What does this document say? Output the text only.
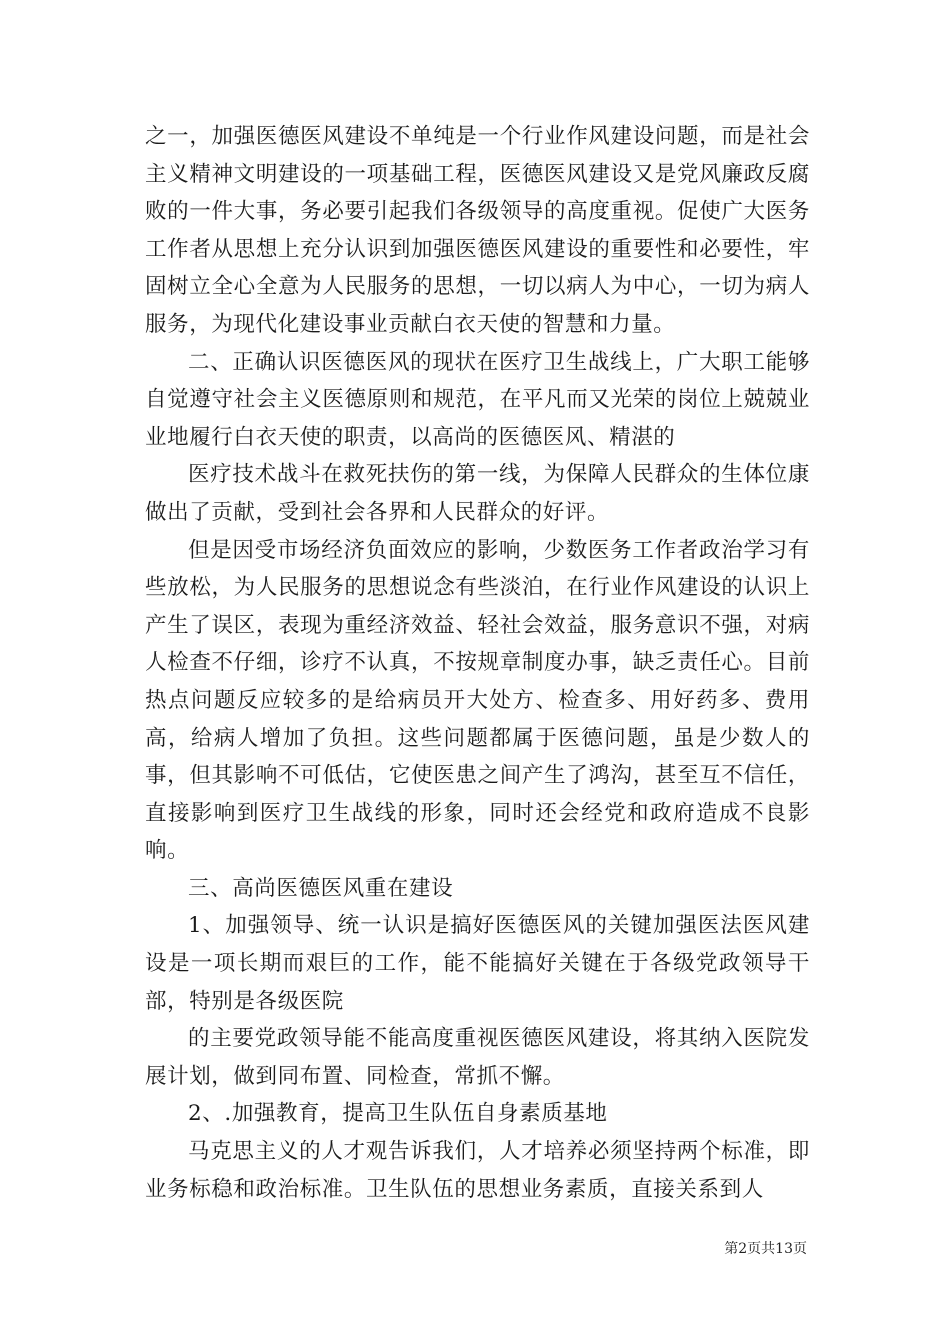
之一，加强医德医风建设不单纯是一个行业作风建设问题，而是社会主义精神文明建设的一项基础工程，医德医风建设又是党风廉政反腐败的一件大事，务必要引起我们各级领导的高度重视。促使广大医务工作者从思想上充分认识到加强医德医风建设的重要性和必要性，牢固树立全心全意为人民服务的思想，一切以病人为中心，一切为病人服务，为现代化建设事业贡献白衣天使的智慧和力量。

二、正确认识医德医风的现状在医疗卫生战线上，广大职工能够自觉遵守社会主义医德原则和规范，在平凡而又光荣的岗位上兢兢业业地履行白衣天使的职责，以高尚的医德医风、精湛的

医疗技术战斗在救死扶伤的第一线，为保障人民群众的生体位康做出了贡献，受到社会各界和人民群众的好评。

但是因受市场经济负面效应的影响，少数医务工作者政治学习有些放松，为人民服务的思想说念有些淡泊，在行业作风建设的认识上产生了误区，表现为重经济效益、轻社会效益，服务意识不强，对病人检查不仔细，诊疗不认真，不按规章制度办事，缺乏责任心。目前热点问题反应较多的是给病员开大处方、检查多、用好药多、费用高，给病人增加了负担。这些问题都属于医德问题，虽是少数人的事，但其影响不可低估，它使医患之间产生了鸿沟，甚至互不信任，直接影响到医疗卫生战线的形象，同时还会经党和政府造成不良影响。

三、高尚医德医风重在建设

1、加强领导、统一认识是搞好医德医风的关键加强医法医风建设是一项长期而艰巨的工作，能不能搞好关键在于各级党政领导干部，特别是各级医院

的主要党政领导能不能高度重视医德医风建设，将其纳入医院发展计划，做到同布置、同检查，常抓不懈。

2、.加强教育，提高卫生队伍自身素质基地

马克思主义的人才观告诉我们，人才培养必须坚持两个标准，即业务标稳和政治标准。卫生队伍的思想业务素质，直接关系到人

第2页共13页
